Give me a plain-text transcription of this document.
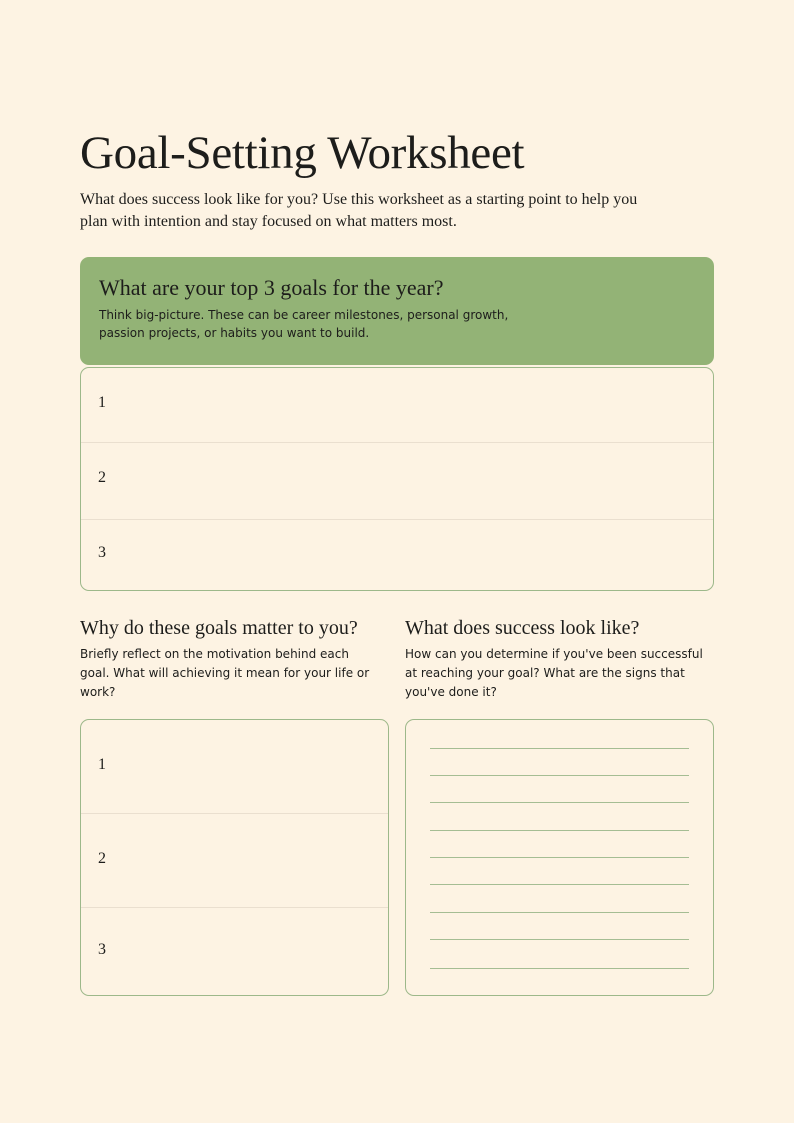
Goal-Setting Worksheet

What does success look like for you? Use this worksheet as a starting point to help you plan with intention and stay focused on what matters most.

What are your top 3 goals for the year?

Think big-picture. These can be career milestones, personal growth, passion projects, or habits you want to build.

1
2
3
Why do these goals matter to you?

Briefly reflect on the motivation behind each goal. What will achieving it mean for your life or work?

What does success look like?

How can you determine if you've been successful at reaching your goal? What are the signs that you've done it?

1
2
3
